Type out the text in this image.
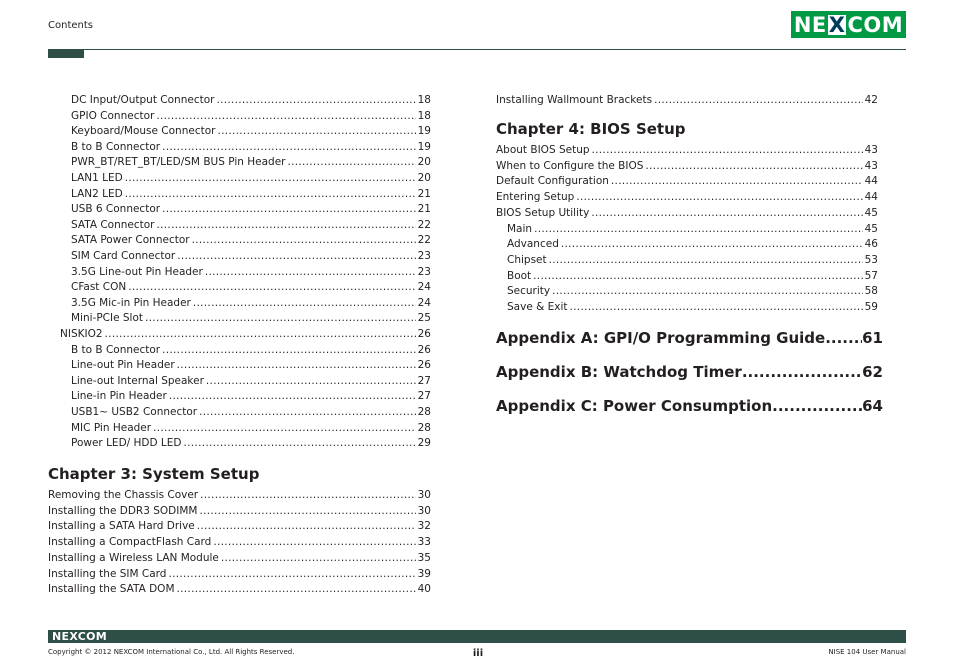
Contents	NE X COM
DC Input/Output Connector .....	18
GPIO Connector .....	18
Keyboard/Mouse Connector .....	19
B to B Connector .....	19
PWR_BT/RET_BT/LED/SM BUS Pin Header .....	20
LAN1 LED .....	20
LAN2 LED .....	21
USB 6 Connector .....	21
SATA Connector .....	22
SATA Power Connector .....	22
SIM Card Connector .....	23
3.5G Line-out Pin Header .....	23
CFast CON .....	24
3.5G Mic-in Pin Header .....	24
Mini-PCIe Slot .....	25
NISKIO2 .....	26
B to B Connector .....	26
Line-out Pin Header .....	26
Line-out Internal Speaker .....	27
Line-in Pin Header .....	27
USB1~ USB2 Connector .....	28
MIC Pin Header .....	28
Power LED/ HDD LED .....	29
Chapter 3: System Setup
Removing the Chassis Cover .....	30
Installing the DDR3 SODIMM .....	30
Installing a SATA Hard Drive .....	32
Installing a CompactFlash Card .....	33
Installing a Wireless LAN Module .....	35
Installing the SIM Card .....	39
Installing the SATA DOM .....	40
Installing Wallmount Brackets .....	42
Chapter 4: BIOS Setup
About BIOS Setup .....	43
When to Configure the BIOS .....	43
Default Configuration .....	44
Entering Setup .....	44
BIOS Setup Utility .....	45
Main .....	45
Advanced .....	46
Chipset .....	53
Boot .....	57
Security .....	58
Save & Exit .....	59
Appendix A: GPI/O Programming Guide ..... 61
Appendix B: Watchdog Timer .....	62
Appendix C: Power Consumption .....	64
NEXCOM
Copyright © 2012 NEXCOM International Co., Ltd. All Rights Reserved.	iii	NISE 104 User Manual
